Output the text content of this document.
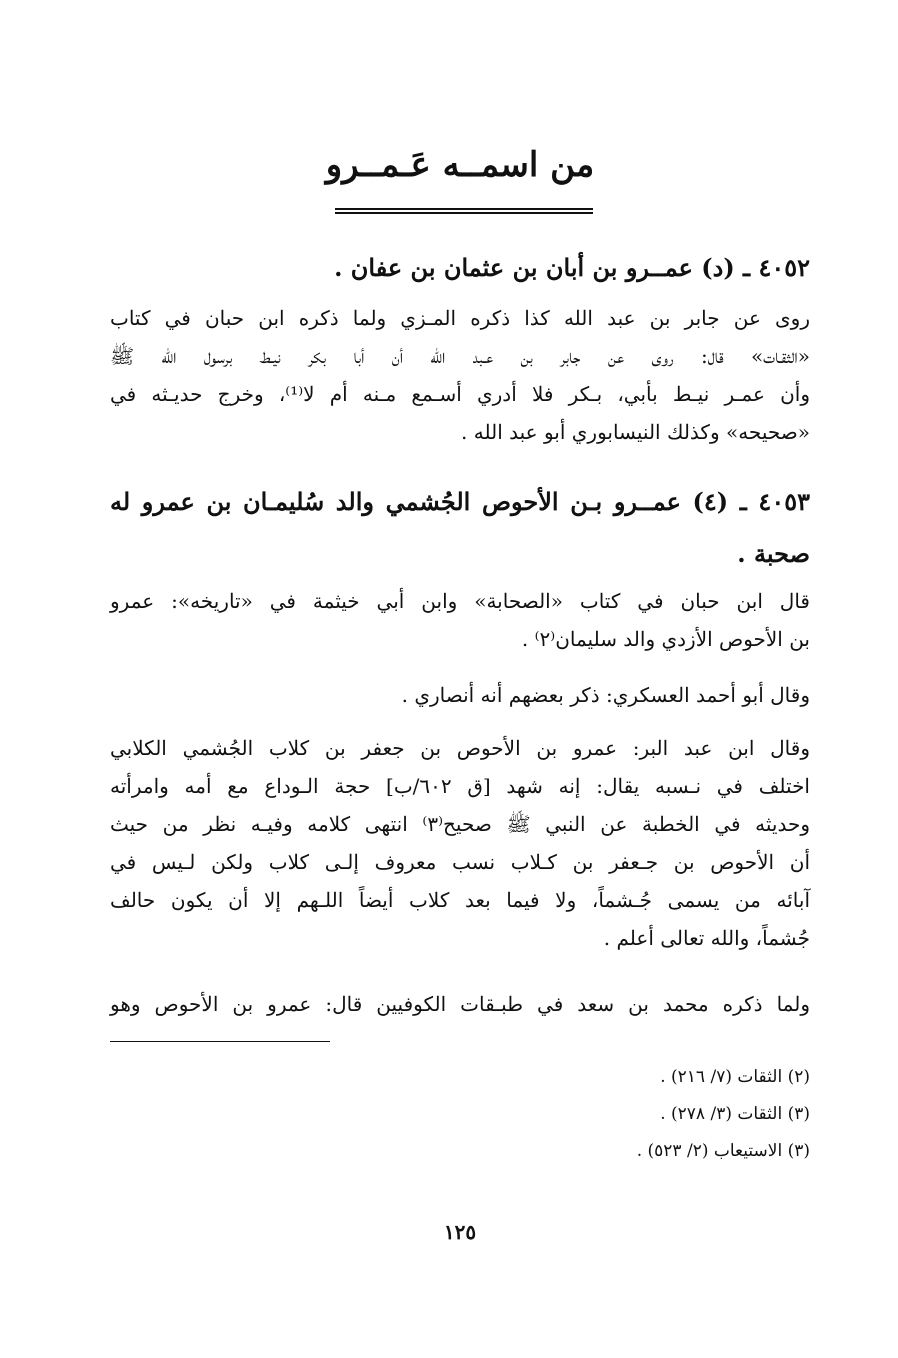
من اسمــه عَـمــرو
٤٠٥٢ ـ (د) عمــرو بن أبان بن عثمان بن عفان .

روى عن جابر بن عبد الله كذا ذكره المـزي ولما ذكره ابن حبان في كتاب
«الثقـات» قال: روى عن جابر بن عـبد الله أن أبا بكر نيـط برسول الله ﷺ
وأن عمـر نيـط بأبي، بـكر فلا أدري أسـمع مـنه أم لا⁽¹⁾، وخرج حديـثه في
«صحيحه» وكذلك النيسابوري أبو عبد الله .

٤٠٥٣ ـ (٤) عمــرو بـن الأحوص الجُشمي والد سُليمـان بن عمرو له
صحبة .

قال ابن حبان في كتاب «الصحابة» وابن أبي خيثمة في «تاريخه»: عمرو
بن الأحوص الأزدي والد سليمان⁽٢⁾ .

وقال أبو أحمد العسكري: ذكر بعضهم أنه أنصاري .

وقال ابن عبد البر: عمرو بن الأحوص بن جعفر بن كلاب الجُشمي الكلابي
اختلف في نـسبه يقال: إنه شهد [ق ٦٠٢/ب] حجة الـوداع مع أمه وامرأته
وحديثه في الخطبة عن النبي ﷺ صحيح⁽٣⁾ انتهى كلامه وفيـه نظر من حيث
أن الأحوص بن جـعفر بن كـلاب نسب معروف إلـى كلاب ولكن لـيس في
آبائه من يسمى جُـشماً، ولا فيما بعد كلاب أيضاً اللـهم إلا أن يكون حالف
جُشماً، والله تعالى أعلم .

ولما ذكره محمد بن سعد في طبـقات الكوفيين قال: عمرو بن الأحوص وهو

(٢) الثقات (٧/ ٢١٦) .

(٣) الثقات (٣/ ٢٧٨) .

(٣) الاستيعاب (٢/ ٥٢٣) .

١٢٥
